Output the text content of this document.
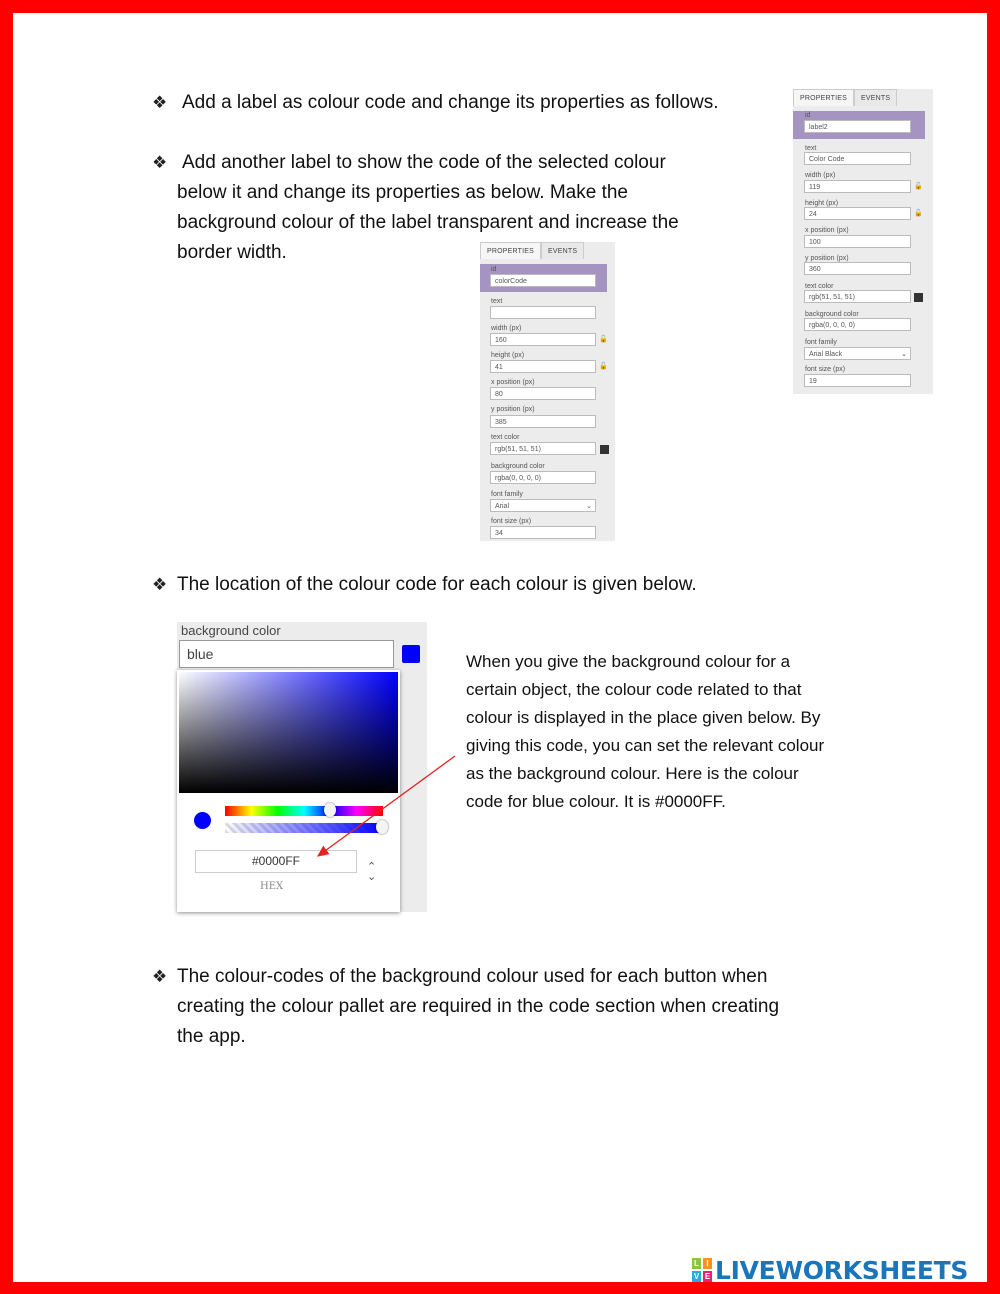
❖ Add a label as colour code and change its properties as follows.
❖ Add another label to show the code of the selected colour
below it and change its properties as below. Make the
background colour of the label transparent and increase the
border width.
PROPERTIES	EVENTS
id
label2
text
Color Code
width (px)
119	🔓
height (px)
24	🔓
x position (px)
100
y position (px)
360
text color
rgb(51, 51, 51)
background color
rgba(0, 0, 0, 0)
font family
Arial Black	⌄
font size (px)
19
PROPERTIES	EVENTS
id
colorCode
text
width (px)
160	🔓
height (px)
41	🔓
x position (px)
80
y position (px)
385
text color
rgb(51, 51, 51)
background color
rgba(0, 0, 0, 0)
font family
Arial	⌄
font size (px)
34
❖ The location of the colour code for each colour is given below.
background color
blue
#0000FF
HEX
⌃
⌄
When you give the background colour for a
certain object, the colour code related to that
colour is displayed in the place given below. By
giving this code, you can set the relevant colour
as the background colour. Here is the colour
code for blue colour. It is #0000FF.
❖ The colour-codes of the background colour used for each button when
creating the colour pallet are required in the code section when creating
the app.
L I
V E LIVEWORKSHEETS
